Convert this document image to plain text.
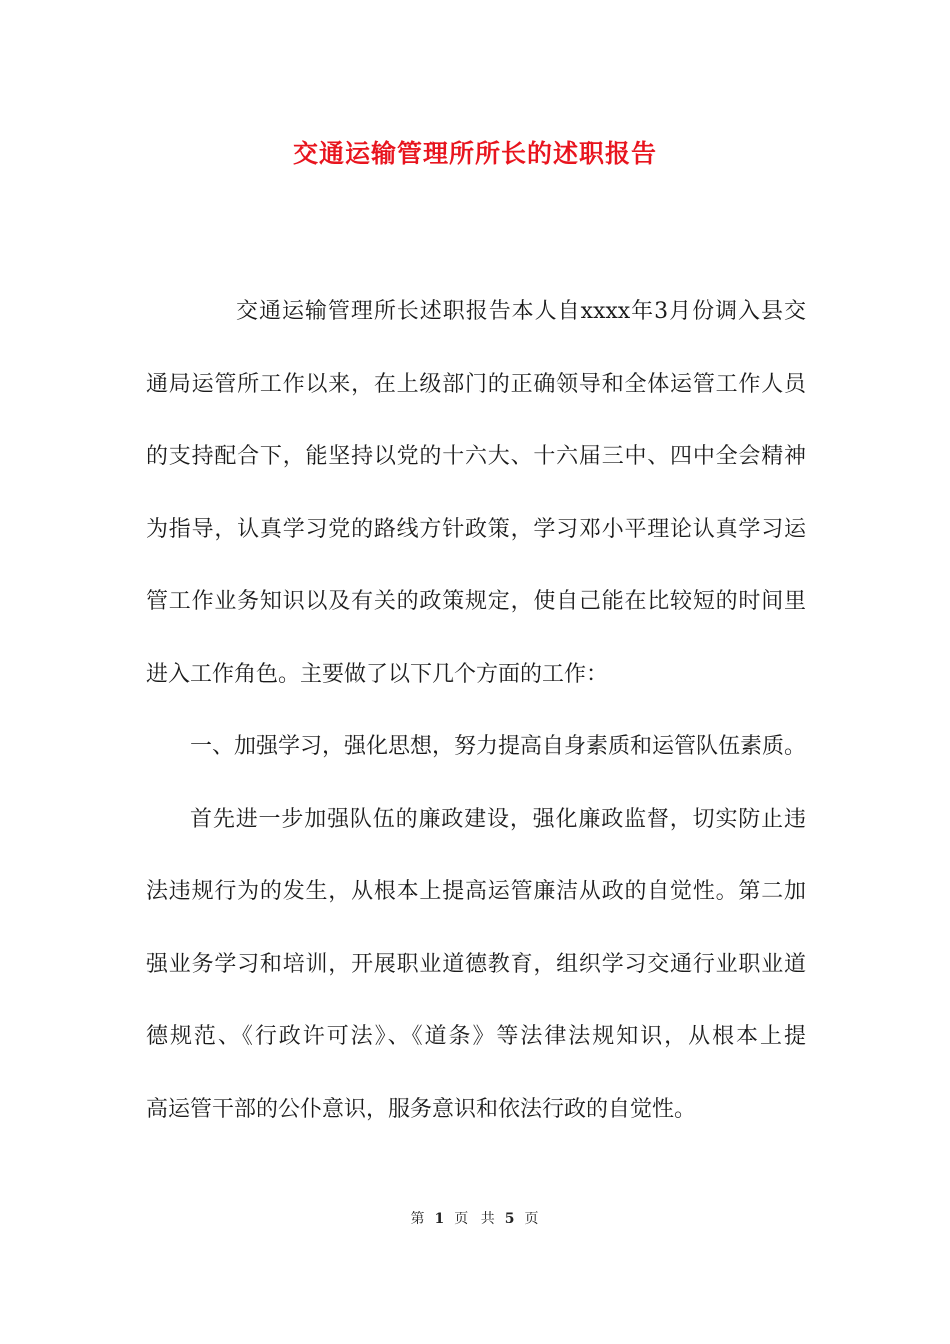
交通运输管理所所长的述职报告
交通运输管理所长述职报告本人自xxxx年3月份调入县交
通局运管所工作以来，在上级部门的正确领导和全体运管工作人员
的支持配合下，能坚持以党的十六大、十六届三中、四中全会精神
为指导，认真学习党的路线方针政策，学习邓小平理论认真学习运
管工作业务知识以及有关的政策规定，使自己能在比较短的时间里
进入工作角色。主要做了以下几个方面的工作：
一、加强学习，强化思想，努力提高自身素质和运管队伍素质。
首先进一步加强队伍的廉政建设，强化廉政监督，切实防止违
法违规行为的发生，从根本上提高运管廉洁从政的自觉性。第二加
强业务学习和培训，开展职业道德教育，组织学习交通行业职业道
德规范、《行政许可法》、《道条》等法律法规知识，从根本上提
高运管干部的公仆意识，服务意识和依法行政的自觉性。
第 1 页 共 5 页
